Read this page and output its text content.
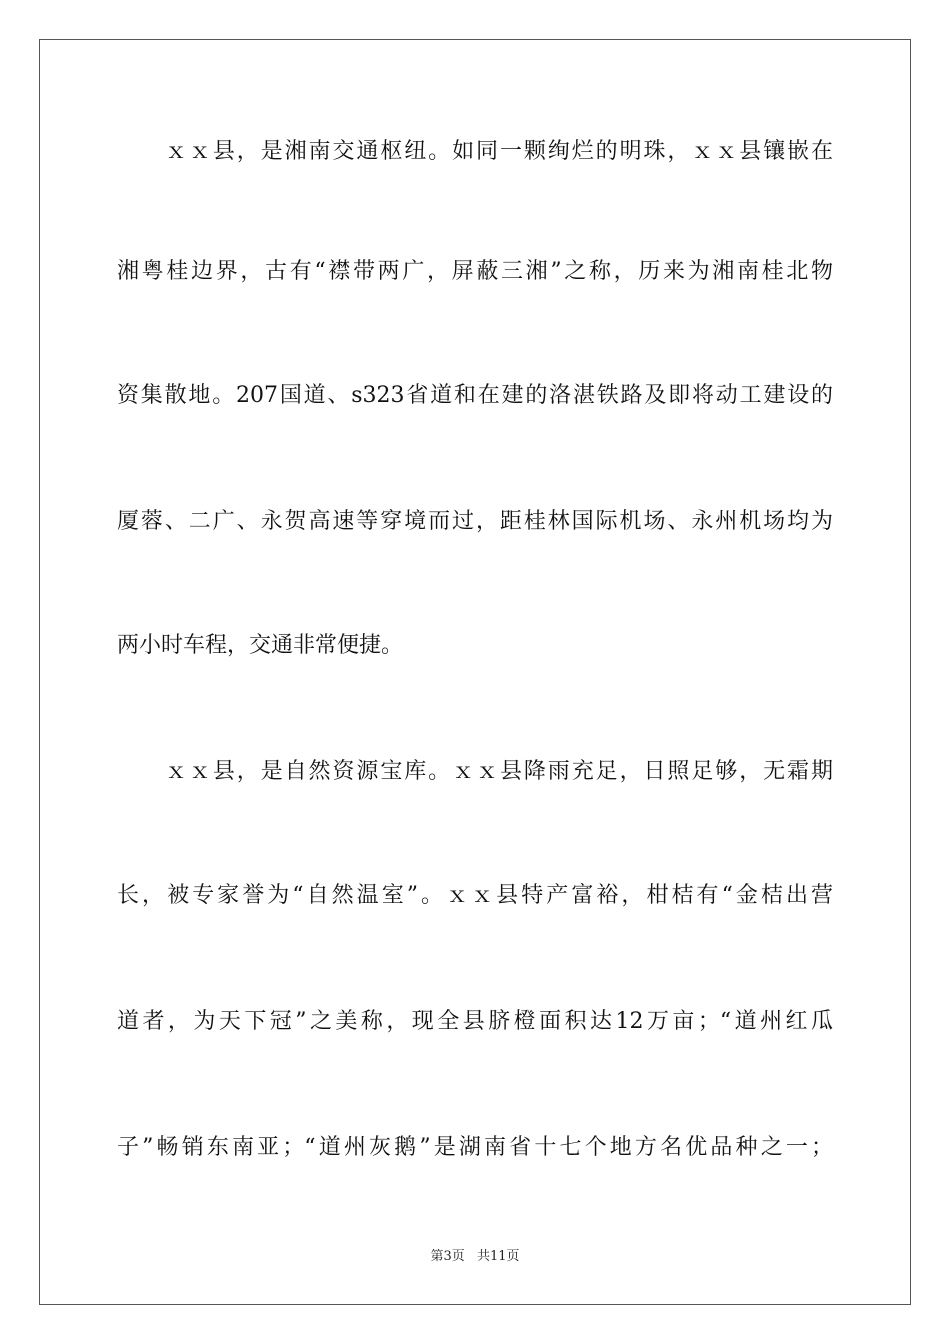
ｘｘ县，是湘南交通枢纽。如同一颗绚烂的明珠，ｘｘ县镶嵌在
湘粤桂边界，古有“襟带两广，屏蔽三湘”之称，历来为湘南桂北物
资集散地。207国道、s323省道和在建的洛湛铁路及即将动工建设的
厦蓉、二广、永贺高速等穿境而过，距桂林国际机场、永州机场均为
两小时车程，交通非常便捷。
ｘｘ县，是自然资源宝库。ｘｘ县降雨充足，日照足够，无霜期
长，被专家誉为“自然温室”。ｘｘ县特产富裕，柑桔有“金桔出营
道者，为天下冠”之美称，现全县脐橙面积达12万亩；“道州红瓜
子”畅销东南亚；“道州灰鹅”是湖南省十七个地方名优品种之一；
第3页 共11页
